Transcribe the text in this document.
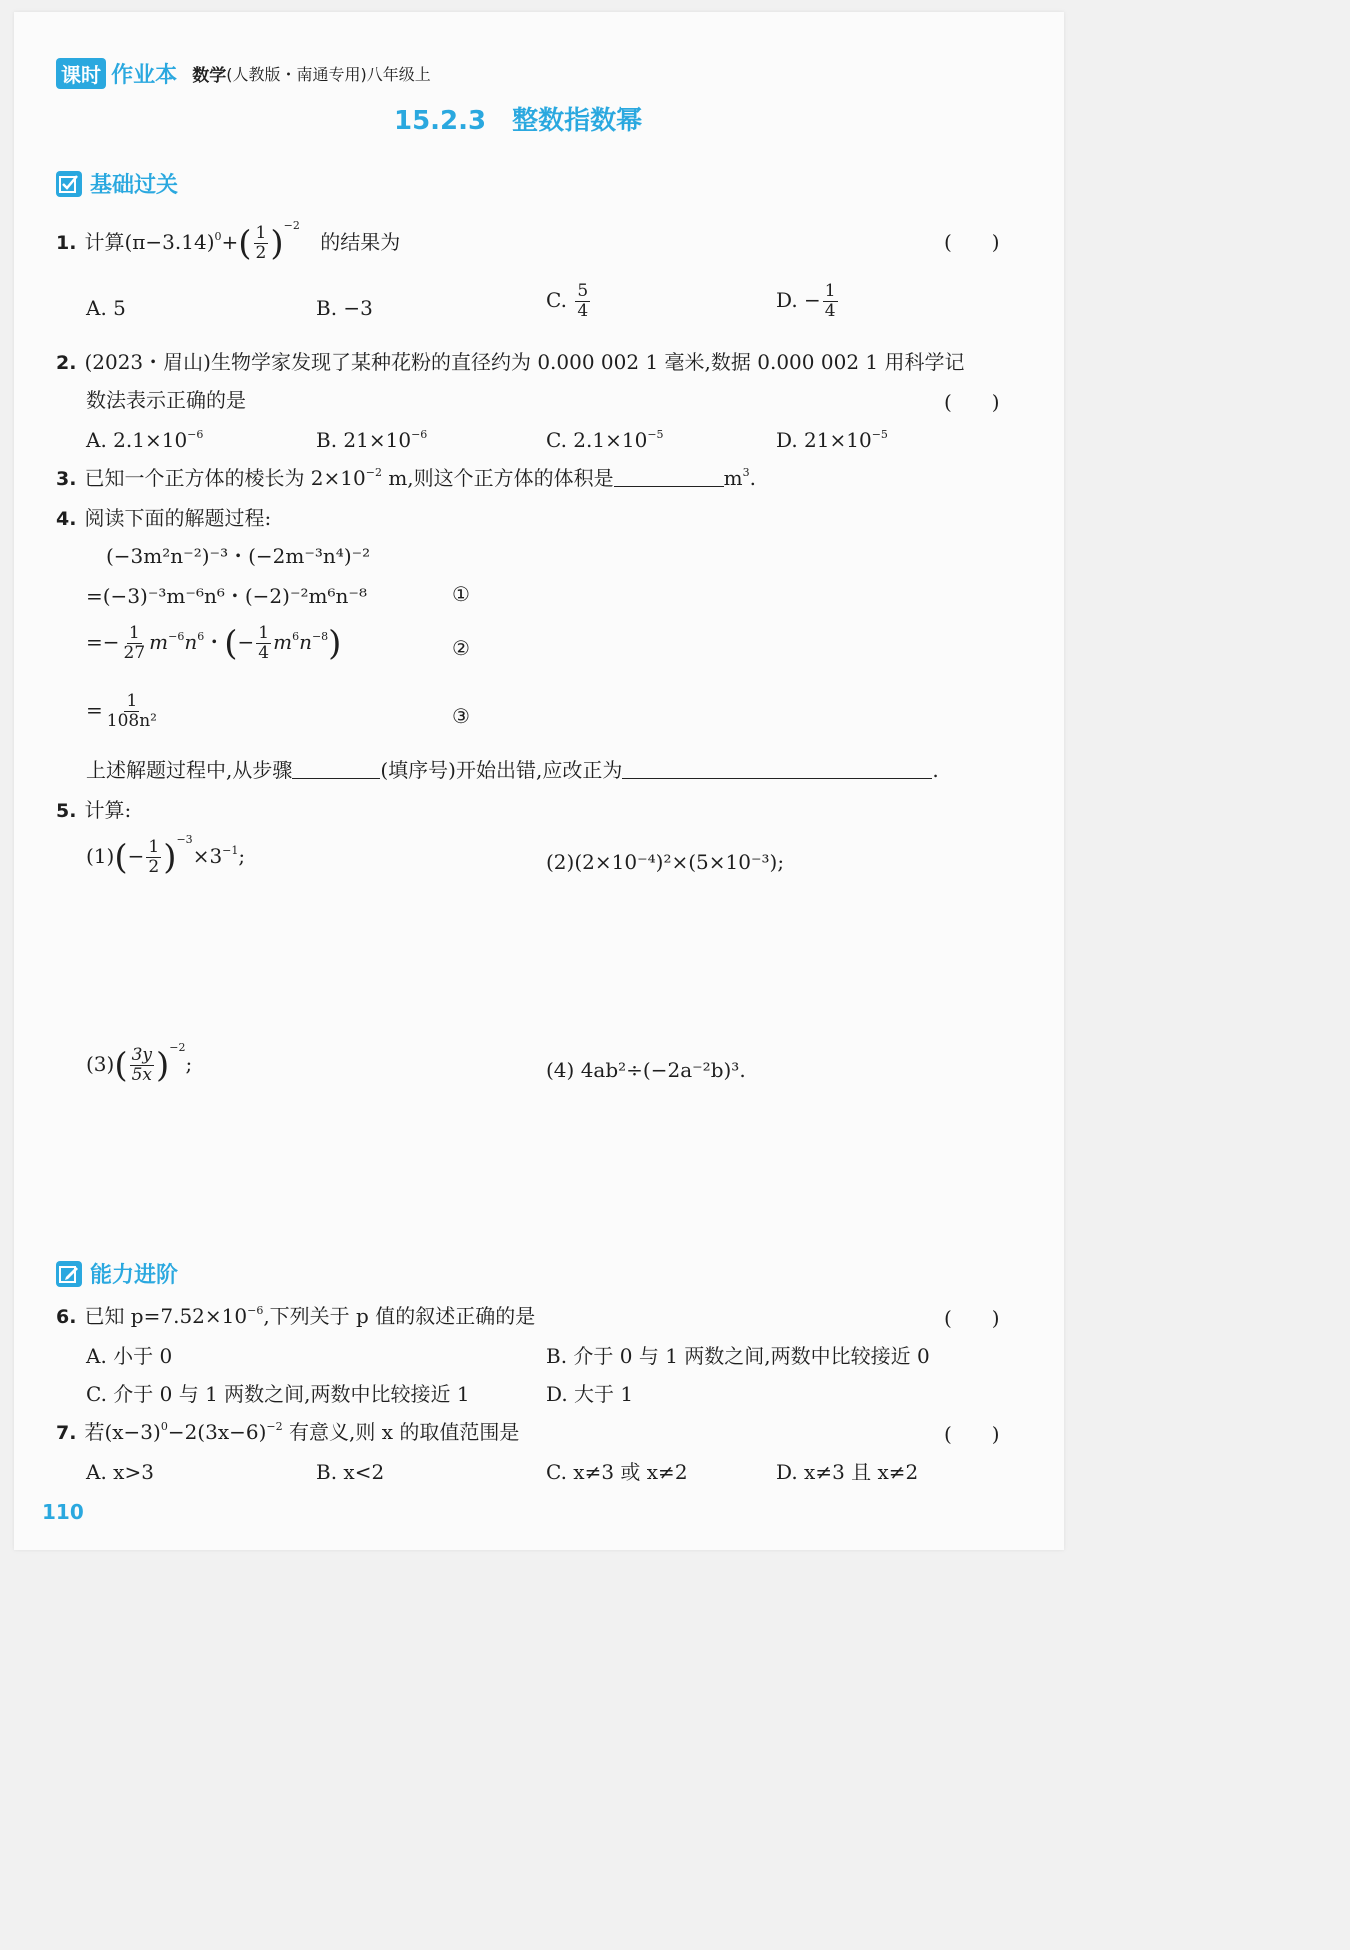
课时 作业本 数学(人教版・南通专用)八年级上
15.2.3　整数指数幂
基础过关
1. 计算$(\pi-3.14)^0+( \frac{1}{2} )^{-2}$ 的结果为	(　　)
A. 5	B. −3	C. $\frac{5}{4}$	D. − $\frac{1}{4}$
2. (2023・眉山)生物学家发现了某种花粉的直径约为 0.000 002 1 毫米,数据 0.000 002 1 用科学记
数法表示正确的是	(　　)
A. $2.1\times 10^{-6}$	B. $21\times 10^{-6}$	C. $2.1\times 10^{-5}$	D. $21\times 10^{-5}$
3. 已知一个正方体的棱长为 $2\times 10^{-2}$ m,则这个正方体的体积是	$m^3$.
4. 阅读下面的解题过程:
(−3m²n⁻²)⁻³・(−2m⁻³n⁴)⁻²
=(−3)⁻³m⁻⁶n⁶・(−2)⁻²m⁶n⁻⁸	①
=− $\frac{1}{27} m^{-6}n^6$・(− $\frac{1}{4} m^6n^{-8}$)	②
= $\frac{1}{\text{108n²}}$	③
上述解题过程中,从步骤	(填序号)开始出错,应改正为	.
5. 计算:
$(1)(- \frac{1}{2} )^{-3}\times 3^{-1}$;	(2)(2×10⁻⁴)²×(5×10⁻³);
$(3)( \frac{3y}{5x} )^{-2}$;	(4) 4ab²÷(−2a⁻²b)³.
能力进阶
6. 已知 $p=7.52\times 10^{-6}$,下列关于 p 值的叙述正确的是	(　　)
A. 小于 0	B. 介于 0 与 1 两数之间,两数中比较接近 0
C. 介于 0 与 1 两数之间,两数中比较接近 1	D. 大于 1
7. 若$(x-3)^0-2(3x-6)^{-2}$ 有意义,则 x 的取值范围是	(　　)
A. x>3	B. x<2	C. x≠3 或 x≠2	D. x≠3 且 x≠2
110
